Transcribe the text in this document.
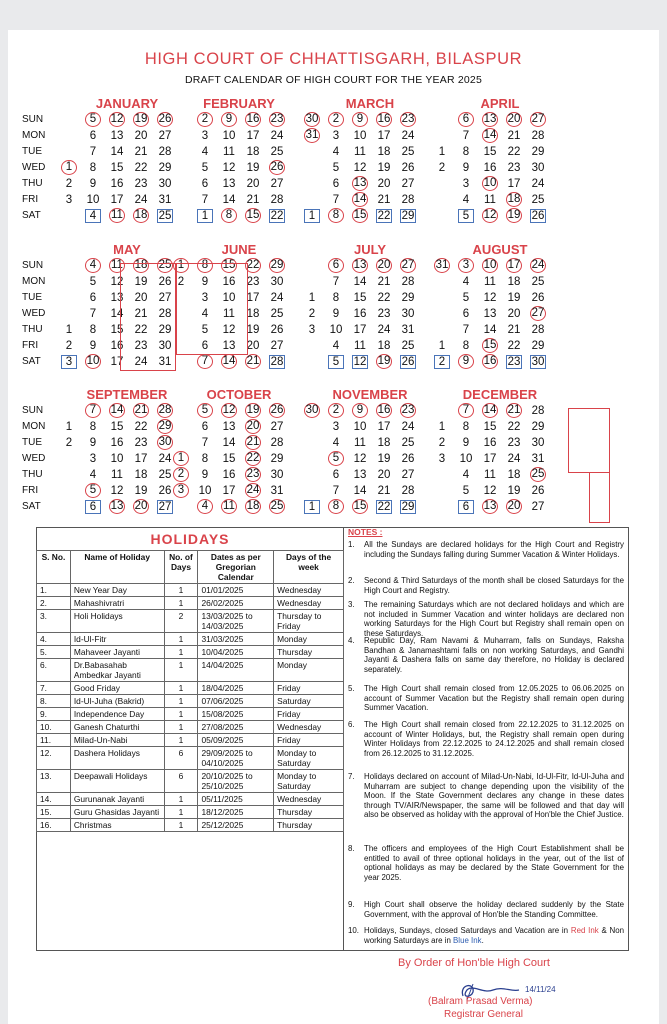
HIGH COURT OF CHHATTISGARH, BILASPUR
DRAFT CALENDAR OF HIGH COURT FOR THE YEAR 2025
JANUARY
SUN	5	12 19 26
MON	6	13 20 27
TUE	7	14 21 28
WED	1	8	15 22 29
THU	2	9	16 23 30
FRI	3	10 17 24 31
SAT	4	11 18 25
FEBRUARY
2	9	16 23
3	10 17 24
4	11 18 25
5	12 19 26
6	13 20 27
7	14 21 28
1	8	15 22
MARCH
30	2	9	16 23
31	3	10 17 24
4	11 18 25
5	12 19 26
6	13 20 27
7	14 21 28
1	8	15 22 29
APRIL
6	13 20 27
7	14 21 28
1	8	15 22 29
2	9	16 23 30
3	10 17 24
4	11 18 25
5	12 19 26
MAY
SUN	4	11 18 25
MON	5	12 19 26
TUE	6	13 20 27
WED	7	14 21 28
THU	1	8	15 22 29
FRI	2	9	16 23 30
SAT	3	10 17 24 31
JUNE
1	8	15 22 29
2	9	16 23 30
3	10 17 24
4	11 18 25
5	12 19 26
6	13 20 27
7	14 21 28
JULY
6	13 20 27
7	14 21 28
1	8	15 22 29
2	9	16 23 30
3	10 17 24 31
4	11 18 25
5	12 19 26
AUGUST
31	3	10 17 24
4	11 18 25
5	12 19 26
6	13 20 27
7	14 21 28
1	8	15 22 29
2	9	16 23 30
SEPTEMBER
SUN	7	14 21 28
MON	1	8	15 22 29
TUE	2	9	16 23 30
WED	3	10 17 24
THU	4	11 18 25
FRI	5	12 19 26
SAT	6	13 20 27
OCTOBER
5	12 19 26
6	13 20 27
7	14 21 28
1	8	15 22 29
2	9	16 23 30
3	10 17 24 31
4	11 18 25
NOVEMBER
30	2	9	16 23
3	10 17 24
4	11 18 25
5	12 19 26
6	13 20 27
7	14 21 28
1	8	15 22 29
DECEMBER
7	14 21 28
1	8	15 22 29
2	9	16 23 30
3	10 17 24 31
4	11 18 25
5	12 19 26
6	13 20 27
HOLIDAYS
S. No.	Name of Holiday	No. of Days	Dates as per Gregorian Calendar	Days of the week
1.	New Year Day	1	01/01/2025	Wednesday
2.	Mahashivratri	1	26/02/2025	Wednesday
3.	Holi Holidays	2	13/03/2025 to 14/03/2025	Thursday to Friday
4.	Id-Ul-Fitr	1	31/03/2025	Monday
5.	Mahaveer Jayanti	1	10/04/2025	Thursday
6.	Dr.Babasahab Ambedkar Jayanti	1	14/04/2025	Monday
7.	Good Friday	1	18/04/2025	Friday
8.	Id-Ul-Juha (Bakrid)	1	07/06/2025	Saturday
9.	Independence Day	1	15/08/2025	Friday
10.	Ganesh Chaturthi	1	27/08/2025	Wednesday
11.	Milad-Un-Nabi	1	05/09/2025	Friday
12.	Dashera Holidays	6	29/09/2025 to 04/10/2025	Monday to Saturday
13.	Deepawali Holidays	6	20/10/2025 to 25/10/2025	Monday to Saturday
14.	Gurunanak Jayanti	1	05/11/2025	Wednesday
15.	Guru Ghasidas Jayanti	1	18/12/2025	Thursday
16.	Christmas	1	25/12/2025	Thursday
NOTES :
1. All the Sundays are declared holidays for the High Court and Registry including the Sundays falling during Summer Vacation & Winter Holidays.
2. Second & Third Saturdays of the month shall be closed Saturdays for the High Court and Registry.
3. The remaining Saturdays which are not declared holidays and which are not included in Summer Vacation and winter holidays are declared non working Saturdays for the High Court but Registry shall remain open on these Saturdays.
4. Republic Day, Ram Navami & Muharram, falls on Sundays, Raksha Bandhan & Janamashtami falls on non working Saturdays, and Gandhi Jayanti & Dashera falls on same day therefore, no Holiday is declared separately.
5. The High Court shall remain closed from 12.05.2025 to 06.06.2025 on account of Summer Vacation but the Registry shall remain open during Summer Vacation.
6. The High Court shall remain closed from 22.12.2025 to 31.12.2025 on account of Winter Holidays, but, the Registry shall remain open during Winter Holidays from 22.12.2025 to 24.12.2025 and shall remain closed from 26.12.2025 to 31.12.2025.
7. Holidays declared on account of Milad-Un-Nabi, Id-Ul-Fitr, Id-Ul-Juha and Muharram are subject to change depending upon the visibility of the Moon. If the State Government declares any change in these dates through TV/AIR/Newspaper, the same will be followed and that day will also be observed as holiday with the approval of Hon'ble the Chief Justice.
8. The officers and employees of the High Court Establishment shall be entitled to avail of three optional holidays in the year, out of the list of optional holidays as may be declared by the State Government for the year 2025.
9. High Court shall observe the holiday declared suddenly by the State Government, with the approval of Hon'ble the Standing Committee.
10. Holidays, Sundays, closed Saturdays and Vacation are in Red Ink & Non working Saturdays are in Blue Ink.
By Order of Hon'ble High Court
14/11/24
(Balram Prasad Verma)
Registrar General
